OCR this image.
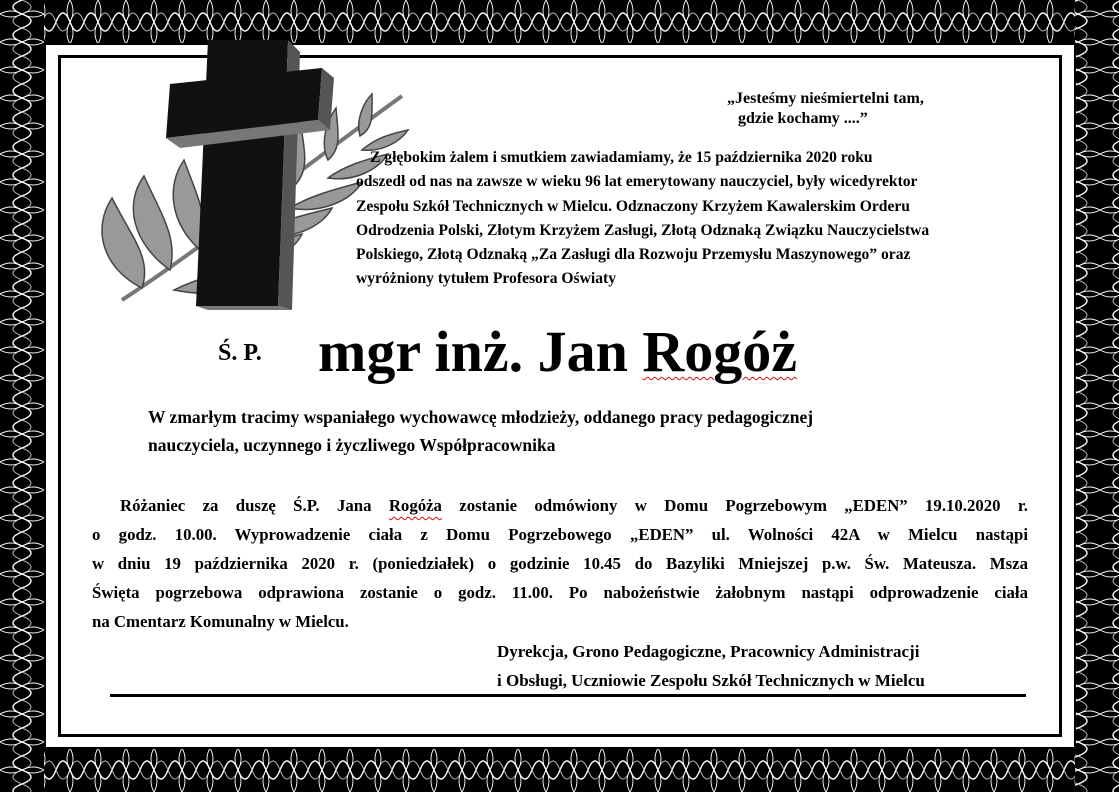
„Jesteśmy nieśmiertelni tam,
gdzie kochamy ....”
Z głębokim żalem i smutkiem zawiadamiamy, że 15 października 2020 roku
odszedł od nas na zawsze w wieku 96 lat emerytowany nauczyciel, były wicedyrektor
Zespołu Szkół Technicznych w Mielcu. Odznaczony Krzyżem Kawalerskim Orderu
Odrodzenia Polski, Złotym Krzyżem Zasługi, Złotą Odznaką Związku Nauczycielstwa
Polskiego, Złotą Odznaką „Za Zasługi dla Rozwoju Przemysłu Maszynowego” oraz
wyróżniony tytułem Profesora Oświaty
Ś. P. mgr inż. Jan Rogóż
W zmarłym tracimy wspaniałego wychowawcę młodzieży, oddanego pracy pedagogicznej
nauczyciela, uczynnego i życzliwego Współpracownika
Różaniec za duszę Ś.P. Jana Rogóża zostanie odmówiony w Domu Pogrzebowym „EDEN” 19.10.2020 r.
o godz. 10.00. Wyprowadzenie ciała z Domu Pogrzebowego „EDEN” ul. Wolności 42A w Mielcu nastąpi
w dniu 19 października 2020 r. (poniedziałek) o godzinie 10.45 do Bazyliki Mniejszej p.w. Św. Mateusza. Msza
Święta pogrzebowa odprawiona zostanie o godz. 11.00. Po nabożeństwie żałobnym nastąpi odprowadzenie ciała
na Cmentarz Komunalny w Mielcu.
Dyrekcja, Grono Pedagogiczne, Pracownicy Administracji
i Obsługi, Uczniowie Zespołu Szkół Technicznych w Mielcu
